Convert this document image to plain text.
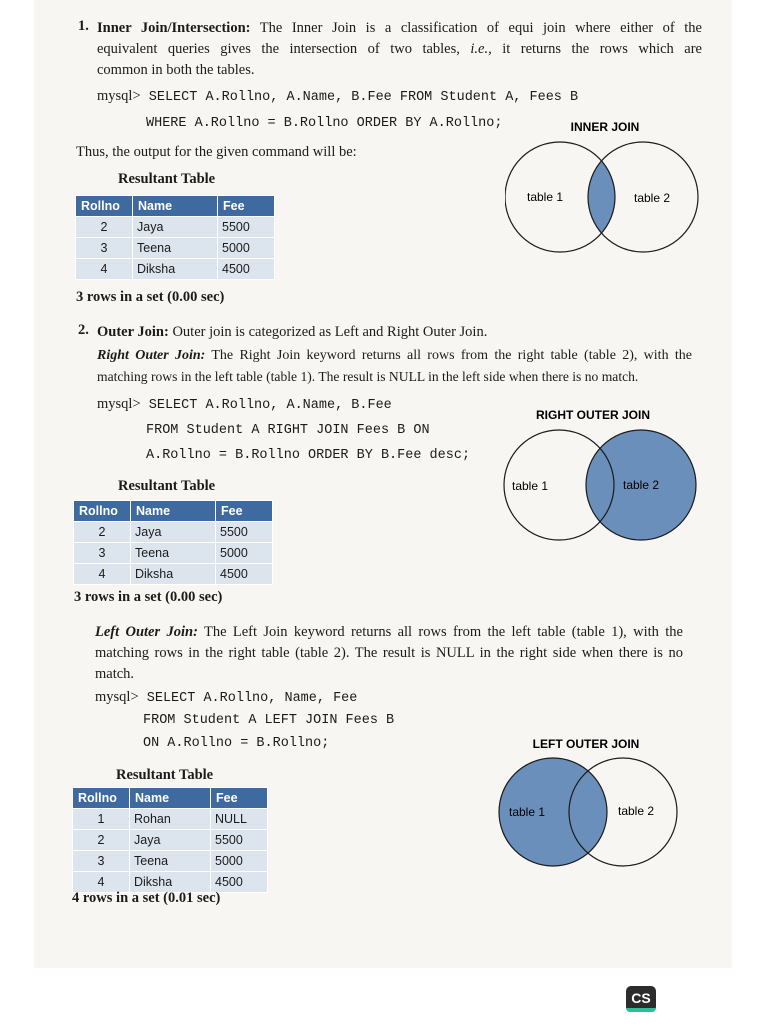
1. Inner Join/Intersection: The Inner Join is a classification of equi join where either of the
equivalent queries gives the intersection of two tables, i.e., it returns the rows which are
common in both the tables.
mysql> SELECT A.Rollno, A.Name, B.Fee FROM Student A, Fees B
WHERE A.Rollno = B.Rollno ORDER BY A.Rollno;
Thus, the output for the given command will be:
Resultant Table
Rollno	Name	Fee
2	Jaya	5500
3	Teena	5000
4	Diksha	4500
3 rows in a set (0.00 sec)
INNER JOIN
table 1	table 2
2. Outer Join: Outer join is categorized as Left and Right Outer Join.
Right Outer Join: The Right Join keyword returns all rows from the right table (table 2), with the
matching rows in the left table (table 1). The result is NULL in the left side when there is no match.
mysql> SELECT A.Rollno, A.Name, B.Fee
FROM Student A RIGHT JOIN Fees B ON
A.Rollno = B.Rollno ORDER BY B.Fee desc;
Resultant Table
Rollno	Name	Fee
2	Jaya	5500
3	Teena	5000
4	Diksha	4500
3 rows in a set (0.00 sec)
RIGHT OUTER JOIN
table 1	table 2
Left Outer Join: The Left Join keyword returns all rows from the left table (table 1), with the
matching rows in the right table (table 2). The result is NULL in the right side when there is no
match.
mysql> SELECT A.Rollno, Name, Fee
FROM Student A LEFT JOIN Fees B
ON A.Rollno = B.Rollno;
Resultant Table
Rollno	Name	Fee
1	Rohan	NULL
2	Jaya	5500
3	Teena	5000
4	Diksha	4500
4 rows in a set (0.01 sec)
LEFT OUTER JOIN
table 1	table 2
CS
